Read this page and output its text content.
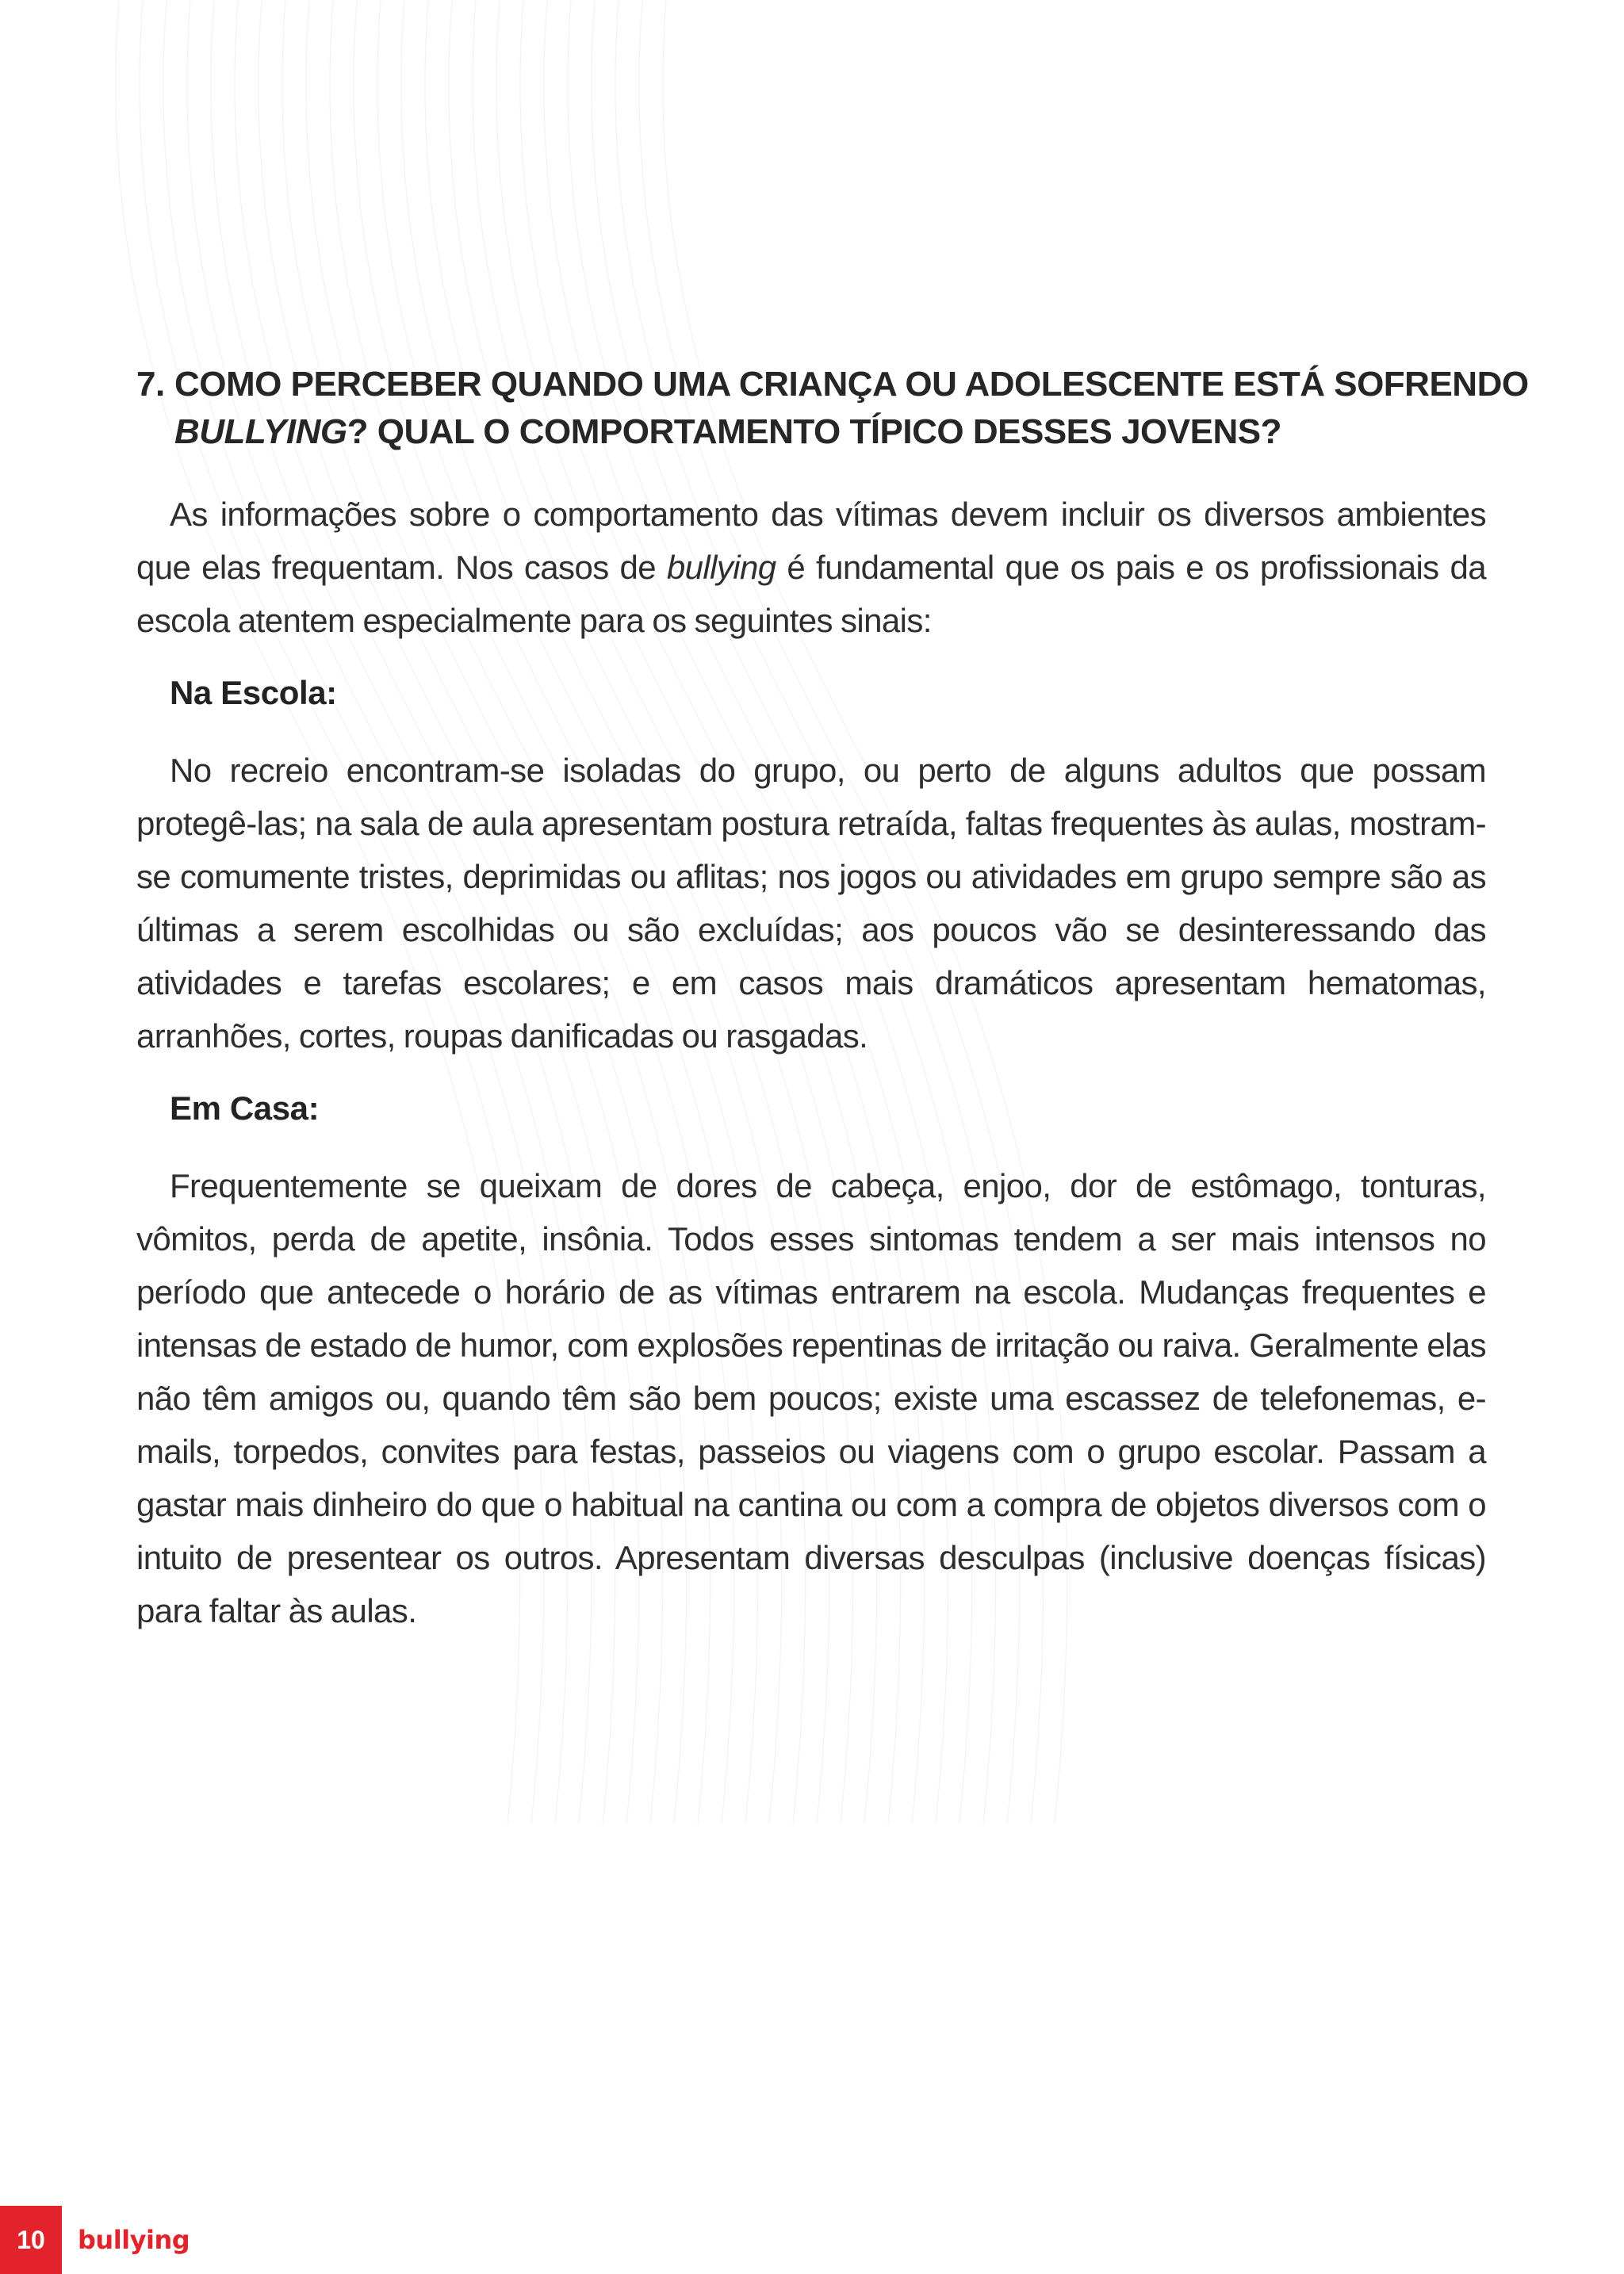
7. COMO PERCEBER QUANDO UMA CRIANÇA OU ADOLESCENTE ESTÁ SOFRENDO
BULLYING? QUAL O COMPORTAMENTO TÍPICO DESSES JOVENS?

As informações sobre o comportamento das vítimas devem incluir os diversos ambientes que elas frequentam. Nos casos de bullying é fundamental que os pais e os profissionais da escola atentem especialmente para os seguintes sinais:

Na Escola:

No recreio encontram-se isoladas do grupo, ou perto de alguns adultos que possam protegê-las; na sala de aula apresentam postura retraída, faltas frequentes às aulas, mostram-se comumente tristes, deprimidas ou aflitas; nos jogos ou atividades em grupo sempre são as últimas a serem escolhidas ou são excluídas; aos poucos vão se desinteressando das atividades e tarefas escolares; e em casos mais dramáticos apresentam hematomas, arranhões, cortes, roupas danificadas ou rasgadas.

Em Casa:

Frequentemente se queixam de dores de cabeça, enjoo, dor de estômago, tonturas, vômitos, perda de apetite, insônia. Todos esses sintomas tendem a ser mais intensos no período que antecede o horário de as vítimas entrarem na escola. Mudanças frequentes e intensas de estado de humor, com explosões repentinas de irritação ou raiva. Geralmente elas não têm amigos ou, quando têm são bem poucos; existe uma escassez de telefonemas, e-mails, torpedos, convites para festas, passeios ou viagens com o grupo escolar. Passam a gastar mais dinheiro do que o habitual na cantina ou com a compra de objetos diversos com o intuito de presentear os outros. Apresentam diversas desculpas (inclusive doenças físicas) para faltar às aulas.

10	bullying
